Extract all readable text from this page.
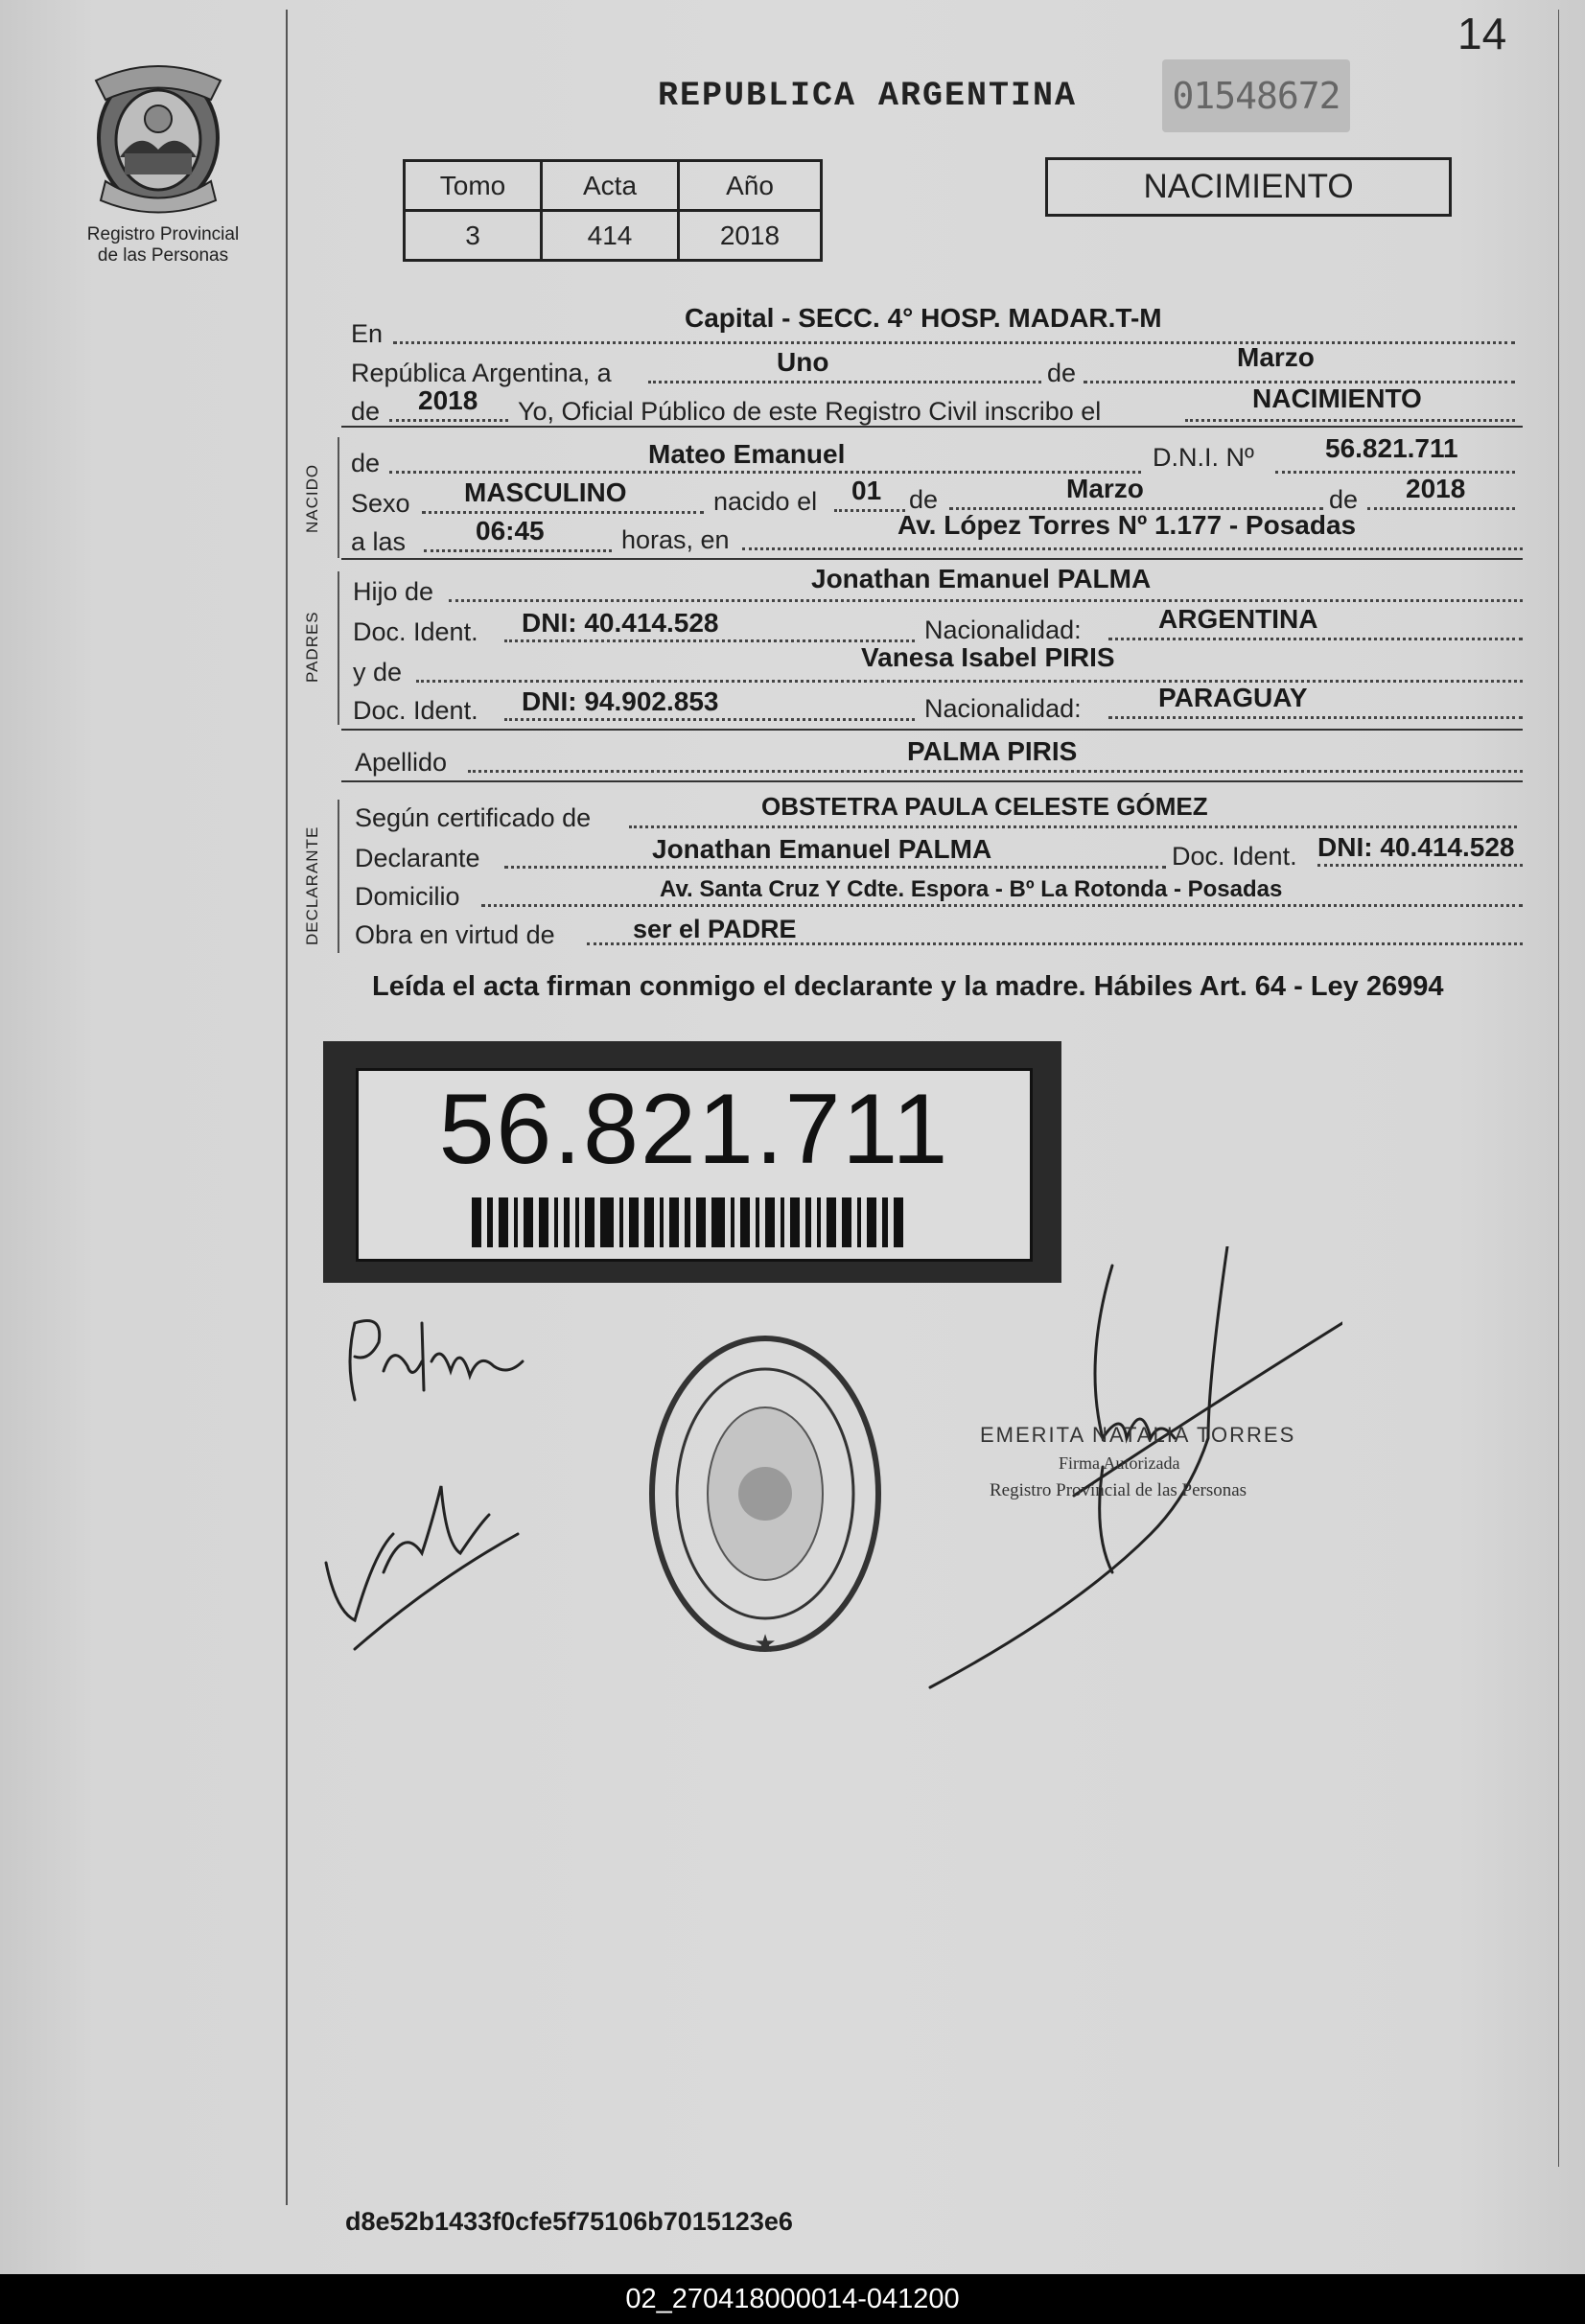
14
Registro Provincial
de las Personas
REPUBLICA ARGENTINA	01548672
Tomo	Acta	Año
3	414	2018
NACIMIENTO
En
Capital - SECC. 4° HOSP. MADAR.T-M
República Argentina, a	Uno	de
Marzo
de 2018 Yo, Oficial Público de este Registro Civil inscribo el	NACIMIENTO
NACIDO
de	Mateo Emanuel	D.N.I. Nº	56.821.711
Sexo MASCULINO	nacido el 01 de	Marzo	de 2018
a las	06:45	horas, en	Av. López Torres Nº 1.177 - Posadas
PADRES
Hijo de	Jonathan Emanuel PALMA
Doc. Ident. DNI: 40.414.528	Nacionalidad:	ARGENTINA
y de	Vanesa Isabel PIRIS
Doc. Ident. DNI: 94.902.853	Nacionalidad:	PARAGUAY
Apellido	PALMA PIRIS
DECLARANTE
Según certificado de	OBSTETRA PAULA CELESTE GÓMEZ
Declarante	Jonathan Emanuel PALMA	Doc. Ident. DNI: 40.414.528
Domicilio	Av. Santa Cruz Y Cdte. Espora - Bº La Rotonda - Posadas
Obra en virtud de	ser el PADRE
Leída el acta firman conmigo el declarante y la madre. Hábiles Art. 64 - Ley 26994
56.821.711
★
EMERITA NATALIA TORRES
Firma Autorizada
Registro Provincial de las Personas
d8e52b1433f0cfe5f75106b7015123e6
02_270418000014-041200
